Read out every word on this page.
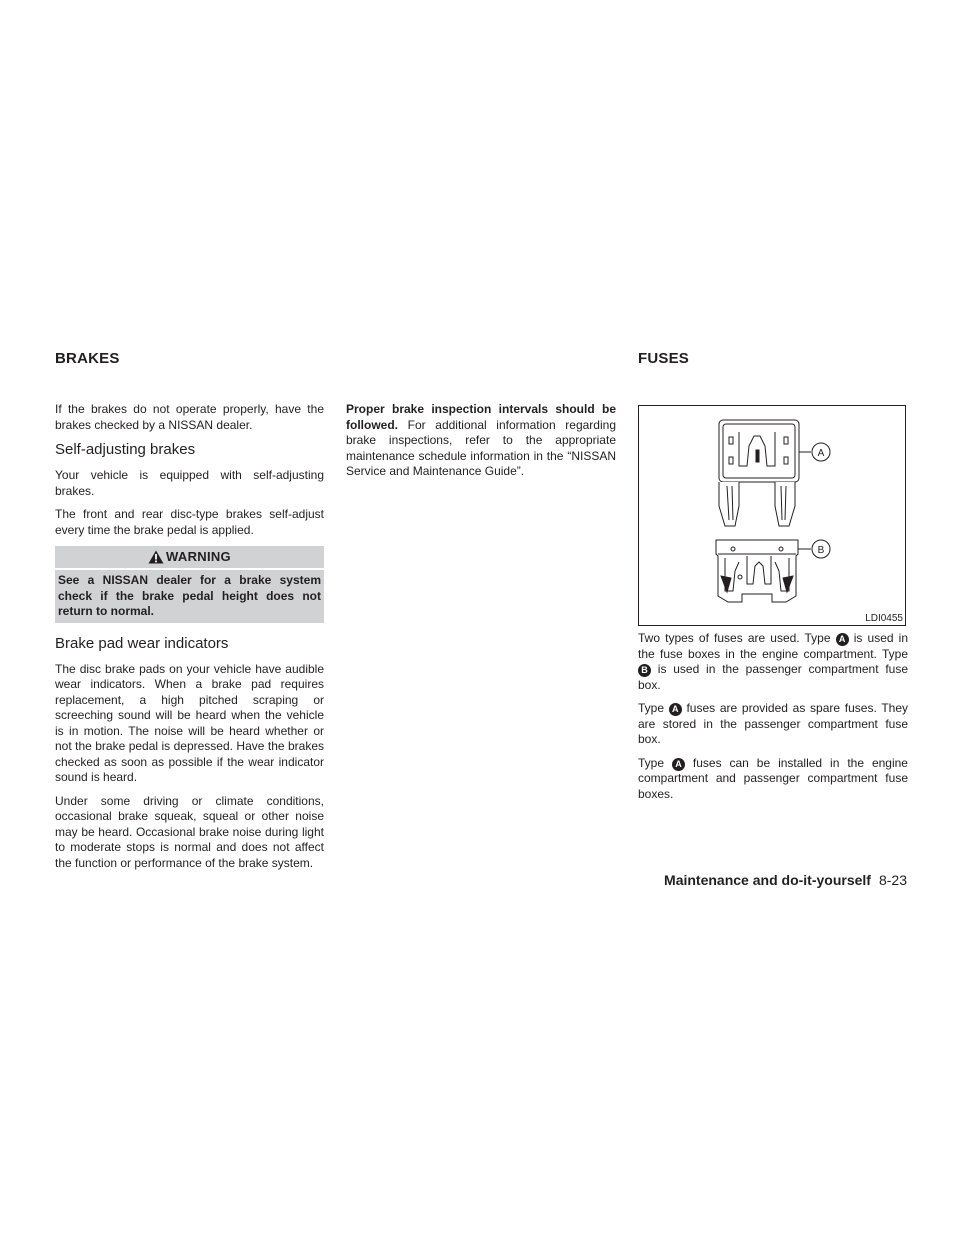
BRAKES

If the brakes do not operate properly, have the brakes checked by a NISSAN dealer.

Self-adjusting brakes

Your vehicle is equipped with self-adjusting brakes.

The front and rear disc-type brakes self-adjust every time the brake pedal is applied.

WARNING
See a NISSAN dealer for a brake system check if the brake pedal height does not return to normal.
Brake pad wear indicators

The disc brake pads on your vehicle have audible wear indicators. When a brake pad requires replacement, a high pitched scraping or screeching sound will be heard when the vehicle is in motion. The noise will be heard whether or not the brake pedal is depressed. Have the brakes checked as soon as possible if the wear indicator sound is heard.

Under some driving or climate conditions, occasional brake squeak, squeal or other noise may be heard. Occasional brake noise during light to moderate stops is normal and does not affect the function or performance of the brake system.

Proper brake inspection intervals should be followed. For additional information regarding brake inspections, refer to the appropriate maintenance schedule information in the “NISSAN Service and Maintenance Guide”.

FUSES
A
B
LDI0455

Two types of fuses are used. Type A is used in the fuse boxes in the engine compartment. Type B is used in the passenger compartment fuse box.

Type A fuses are provided as spare fuses. They are stored in the passenger compartment fuse box.

Type A fuses can be installed in the engine compartment and passenger compartment fuse boxes.

Maintenance and do-it-yourself 8-23
